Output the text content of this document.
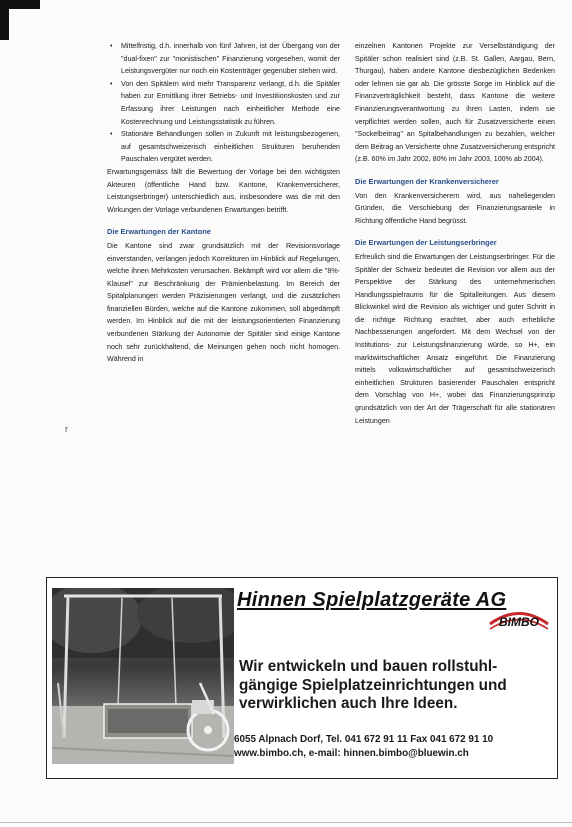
• Mittelfristig, d.h. innerhalb von fünf Jahren, ist der Übergang von der "dual-fixen" zur "monistischen" Finanzierung vorgesehen, womit der Leistungsvergüter nur noch ein Kostenträger gegenüber stehen wird.
• Von den Spitälern wird mehr Transparenz verlangt, d.h. die Spitäler haben zur Ermittlung ihrer Betriebs- und Investitionskosten und zur Erfassung ihrer Leistungen nach einheitlicher Methode eine Kostenrechnung und Leistungsstatistik zu führen.
• Stationäre Behandlungen sollen in Zukunft mit leistungsbezogenen, auf gesamtschweizerisch einheitlichen Strukturen beruhenden Pauschalen vergütet werden.

Erwartungsgemäss fällt die Bewertung der Vorlage bei den wichtigsten Akteuren (öffentliche Hand bzw. Kantone, Krankenversicherer, Leistungserbringer) unterschiedlich aus, insbesondere was die mit den Wirkungen der Vorlage verbundenen Erwartungen betrifft.

Die Erwartungen der Kantone

Die Kantone sind zwar grundsätzlich mit der Revisionsvorlage einverstanden, verlangen jedoch Korrekturen im Hinblick auf Regelungen, welche ihnen Mehrkosten verursachen. Bekämpft wird vor allem die "8%-Klausel" zur Beschränkung der Prämienbelastung. Im Bereich der Spitalplanungen werden Präzisierungen verlangt, und die zusätzlichen finanziellen Bürden, welche auf die Kantone zukommen, soll abgedämpft werden. Im Hinblick auf die mit der leistungsorientierten Finanzierung verbundenen Stärkung der Autonomie der Spitäler sind einige Kantone noch sehr zurückhaltend, die Meinungen gehen noch nicht homogen. Während in

einzelnen Kantonen Projekte zur Verselbständigung der Spitäler schon realisiert sind (z.B. St. Gallen, Aargau, Bern, Thurgau), haben andere Kantone diesbezüglichen Bedenken oder lehnen sie gar ab. Die grösste Sorge im Hinblick auf die Finanzverträglichkeit besteht, dass Kantone die weitere Finanzierungsverantwortung zu ihren Lasten, indem sie verpflichtet werden sollen, auch für Zusatzversicherte einen "Sockelbeitrag" an Spitalbehandlungen zu bezahlen, welcher dem Beitrag an Versicherte ohne Zusatzversicherung entspricht (z.B. 60% im Jahr 2002, 80% im Jahr 2003, 100% ab 2004).

Die Erwartungen der Krankenversicherer

Von den Krankenversicherern wird, aus naheliegenden Gründen, die Verschiebung der Finanzierungsanteile in Richtung öffentliche Hand begrüsst.

Die Erwartungen der Leistungserbringer

Erfreulich sind die Erwartungen der Leistungserbringer. Für die Spitäler der Schweiz bedeutet die Revision vor allem aus der Perspektive der Stärkung des unternehmerischen Handlungsspielraums für die Spitalleitungen. Aus diesem Blickwinkel wird die Revision als wichtiger und guter Schritt in die richtige Richtung erachtet, aber auch erhebliche Nachbesserungen angefordert. Mit dem Wechsel von der Institutions- zur Leistungsfinanzierung würde, so H+, ein marktwirtschaftlicher Ansatz eingeführt. Die Finanzierung mittels volkswirtschaftlicher auf gesamtschweizerisch einheitlichen Strukturen basierender Pauschalen entspricht dem Vorschlag von H+, wobei das Finanzierungsprinzip grundsätzlich von der Art der Trägerschaft für alle stationären Leistungen

r
Hinnen Spielplatzgeräte AG
BIMBO
Wir entwickeln und bauen rollstuhl-
gängige Spielplatzeinrichtungen und
verwirklichen auch Ihre Ideen.
6055 Alpnach Dorf, Tel. 041 672 91 11 Fax 041 672 91 10
www.bimbo.ch, e-mail: hinnen.bimbo@bluewin.ch
